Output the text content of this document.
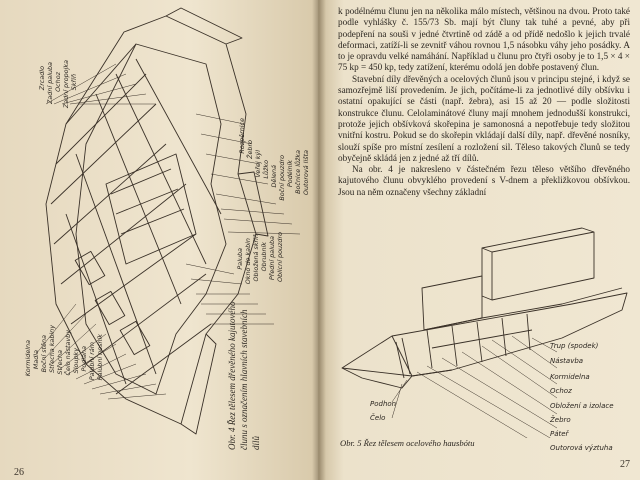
Zrcadlo Zadní paluba Ochoz Zadní propojka Skříň
Rozpěrnice Žebro
Veřej kýl Lůžko Dělená Boční pouzdro Podélník Bočnice lůžka Outorová lišta
Paluba Okno do kabin Obložená skříň Obrubník Přední paluba Oblicní pouzdro
Kormidelna Madla Boční stěna Střecha kabiny Střecha Čelo nástavby Sloupky Podlaha Palubní rám Palubní nosník	Obr. 4 Řez tělesem dřevěného kajutového člunu s označením hlavních stavebních dílů
26

k podélnému člunu jen na několika málo místech, většinou na dvou. Proto také podle vyhlášky č. 155/73 Sb. mají být čluny tak tuhé a pevné, aby při podepření na souši v jedné čtvrtině od zádě a od přídě nedošlo k jejich trvalé deformaci, zatíží-li se zevnitř váhou rovnou 1,5 násobku váhy jeho posádky. A to je opravdu velké namáhání. Například u člunu pro čtyři osoby je to 1,5 × 4 × 75 kp = 450 kp, tedy zatížení, kterému odolá jen dobře postavený člun.

Stavební díly dřevěných a ocelových člunů jsou v principu stejné, i když se samozřejmě liší provedením. Je jich, počítáme-li za jednotlivé díly obšívku i ostatní opakující se části (např. žebra), asi 15 až 20 — podle složitosti konstrukce člunu. Celolaminátové čluny mají mnohem jednodušší konstrukci, protože jejich obšívková skořepina je samonosná a nepotřebuje tedy složitou vnitřní kostru. Pokud se do skořepin vkládají další díly, např. dřevěné nosníky, slouží spíše pro místní zesílení a rozložení sil. Těleso takových člunů se tedy obyčejně skládá jen z jedné až tří dílů.

Na obr. 4 je nakresleno v částečném řezu těleso většího dřevěného kajutového člunu obvyklého provedení s V-dnem a překližkovou obšívkou. Jsou na něm označeny všechny základní

Trup (spodek)
Nástavba
Kormidelna
Ochoz
Obložení a izolace
Žebro
Páteř
Outorová výztuha
Podhon
Čelo
Obr. 5 Řez tělesem ocelového hausbótu
27
